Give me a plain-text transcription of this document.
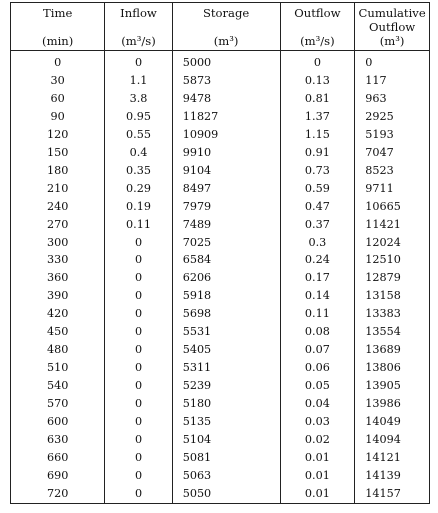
Time	Inflow	Storage	Outflow	Cumulative
				Outflow
(min)	(m³/s)	(m³)	(m³/s)	(m³)

0	0	5000	0	0
30	1.1	5873	0.13	117
60	3.8	9478	0.81	963
90	0.95	11827	1.37	2925
120	0.55	10909	1.15	5193
150	0.4	9910	0.91	7047
180	0.35	9104	0.73	8523
210	0.29	8497	0.59	9711
240	0.19	7979	0.47	10665
270	0.11	7489	0.37	11421
300	0	7025	0.3	12024
330	0	6584	0.24	12510
360	0	6206	0.17	12879
390	0	5918	0.14	13158
420	0	5698	0.11	13383
450	0	5531	0.08	13554
480	0	5405	0.07	13689
510	0	5311	0.06	13806
540	0	5239	0.05	13905
570	0	5180	0.04	13986
600	0	5135	0.03	14049
630	0	5104	0.02	14094
660	0	5081	0.01	14121
690	0	5063	0.01	14139
720	0	5050	0.01	14157
